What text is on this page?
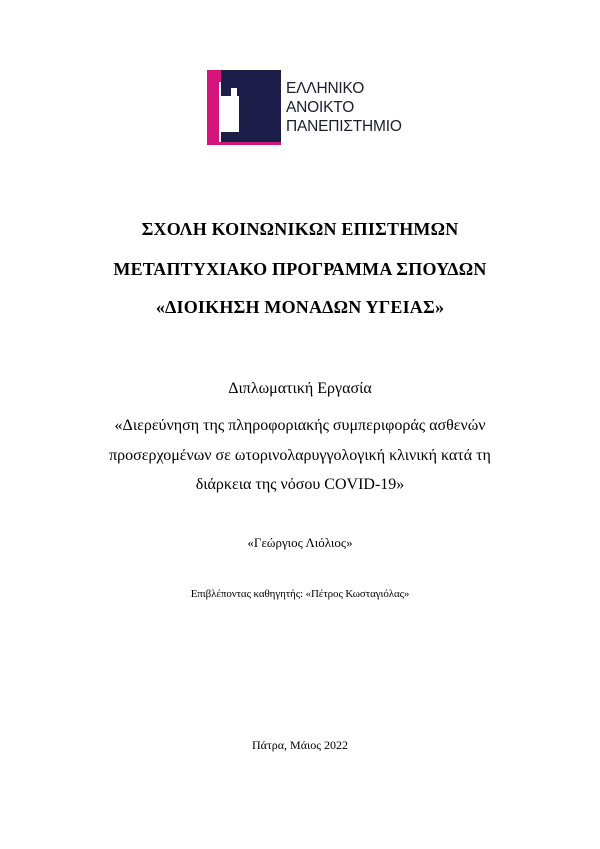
ΕΛΛΗΝΙΚΟ
ΑΝΟΙΚΤΟ
ΠΑΝΕΠΙΣΤΗΜΙΟ
ΣΧΟΛΗ ΚΟΙΝΩΝΙΚΩΝ ΕΠΙΣΤΗΜΩΝ
ΜΕΤΑΠΤΥΧΙΑΚΟ ΠΡΟΓΡΑΜΜΑ ΣΠΟΥΔΩΝ
«ΔΙΟΙΚΗΣΗ ΜΟΝΑΔΩΝ ΥΓΕΙΑΣ»
Διπλωματική Εργασία
«Διερεύνηση της πληροφοριακής συμπεριφοράς ασθενών
προσερχομένων σε ωτορινολαρυγγολογική κλινική κατά τη
διάρκεια της νόσου COVID-19»
«Γεώργιος Λιόλιος»
Επιβλέποντας καθηγητής: «Πέτρος Κωσταγιόλας»
Πάτρα, Μάιος 2022
